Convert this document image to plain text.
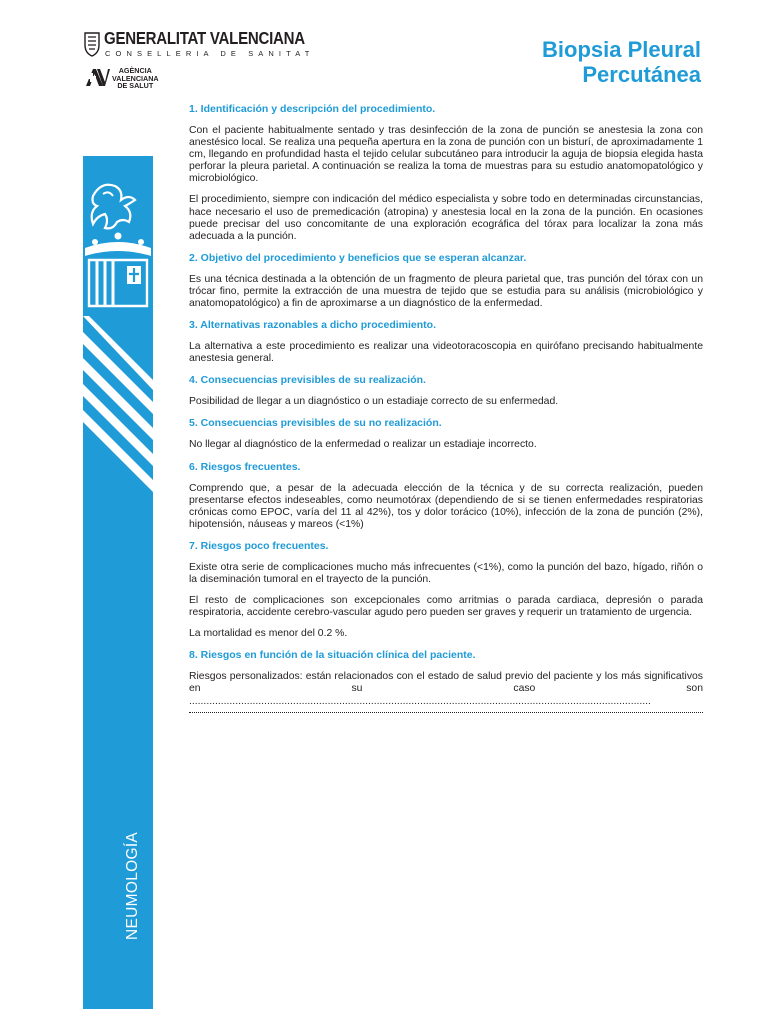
GENERALITAT VALENCIANA
CONSELLERIA DE SANITAT
AGÈNCIA
VALENCIANA
DE SALUT
Biopsia Pleural
Percutánea
NEUMOLOGÍA
1. Identificación y descripción del procedimiento.

Con el paciente habitualmente sentado y tras desinfección de la zona de punción se anestesia la zona con anestésico local. Se realiza una pequeña apertura en la zona de punción con un bisturí, de aproximadamente 1 cm, llegando en profundidad hasta el tejido celular subcutáneo para introducir la aguja de biopsia elegida hasta perforar la pleura parietal. A continuación se realiza la toma de muestras para su estudio anatomopatológico y microbiológico.

El procedimiento, siempre con indicación del médico especialista y sobre todo en determinadas circunstancias, hace necesario el uso de premedicación (atropina) y anestesia local en la zona de la punción. En ocasiones puede precisar del uso concomitante de una exploración ecográfica del tórax para localizar la zona más adecuada a la punción.

2. Objetivo del procedimiento y beneficios que se esperan alcanzar.

Es una técnica destinada a la obtención de un fragmento de pleura parietal que, tras punción del tórax con un trócar fino, permite la extracción de una muestra de tejido que se estudia para su análisis (microbiológico y anatomopatológico) a fin de aproximarse a un diagnóstico de la enfermedad.

3. Alternativas razonables a dicho procedimiento.

La alternativa a este procedimiento es realizar una videotoracoscopia en quirófano precisando habitualmente anestesia general.

4. Consecuencias previsibles de su realización.

Posibilidad de llegar a un diagnóstico o un estadiaje correcto de su enfermedad.

5. Consecuencias previsibles de su no realización.

No llegar al diagnóstico de la enfermedad o realizar un estadiaje incorrecto.

6. Riesgos frecuentes.

Comprendo que, a pesar de la adecuada elección de la técnica y de su correcta realización, pueden presentarse efectos indeseables, como neumotórax (dependiendo de si se tienen enfermedades respiratorias crónicas como EPOC, varía del 11 al 42%), tos y dolor torácico (10%), infección de la zona de punción (2%), hipotensión, náuseas y mareos (<1%)

7. Riesgos poco frecuentes.

Existe otra serie de complicaciones mucho más infrecuentes (<1%), como la punción del bazo, hígado, riñón o la diseminación tumoral en el trayecto de la punción.

El resto de complicaciones son excepcionales como arritmias o parada cardiaca, depresión o parada respiratoria, accidente cerebro-vascular agudo pero pueden ser graves y requerir un tratamiento de urgencia.

La mortalidad es menor del 0.2 %.

8. Riesgos en función de la situación clínica del paciente.

Riesgos personalizados: están relacionados con el estado de salud previo del paciente y los más significativos en su caso son ................................................................................................................................................................
